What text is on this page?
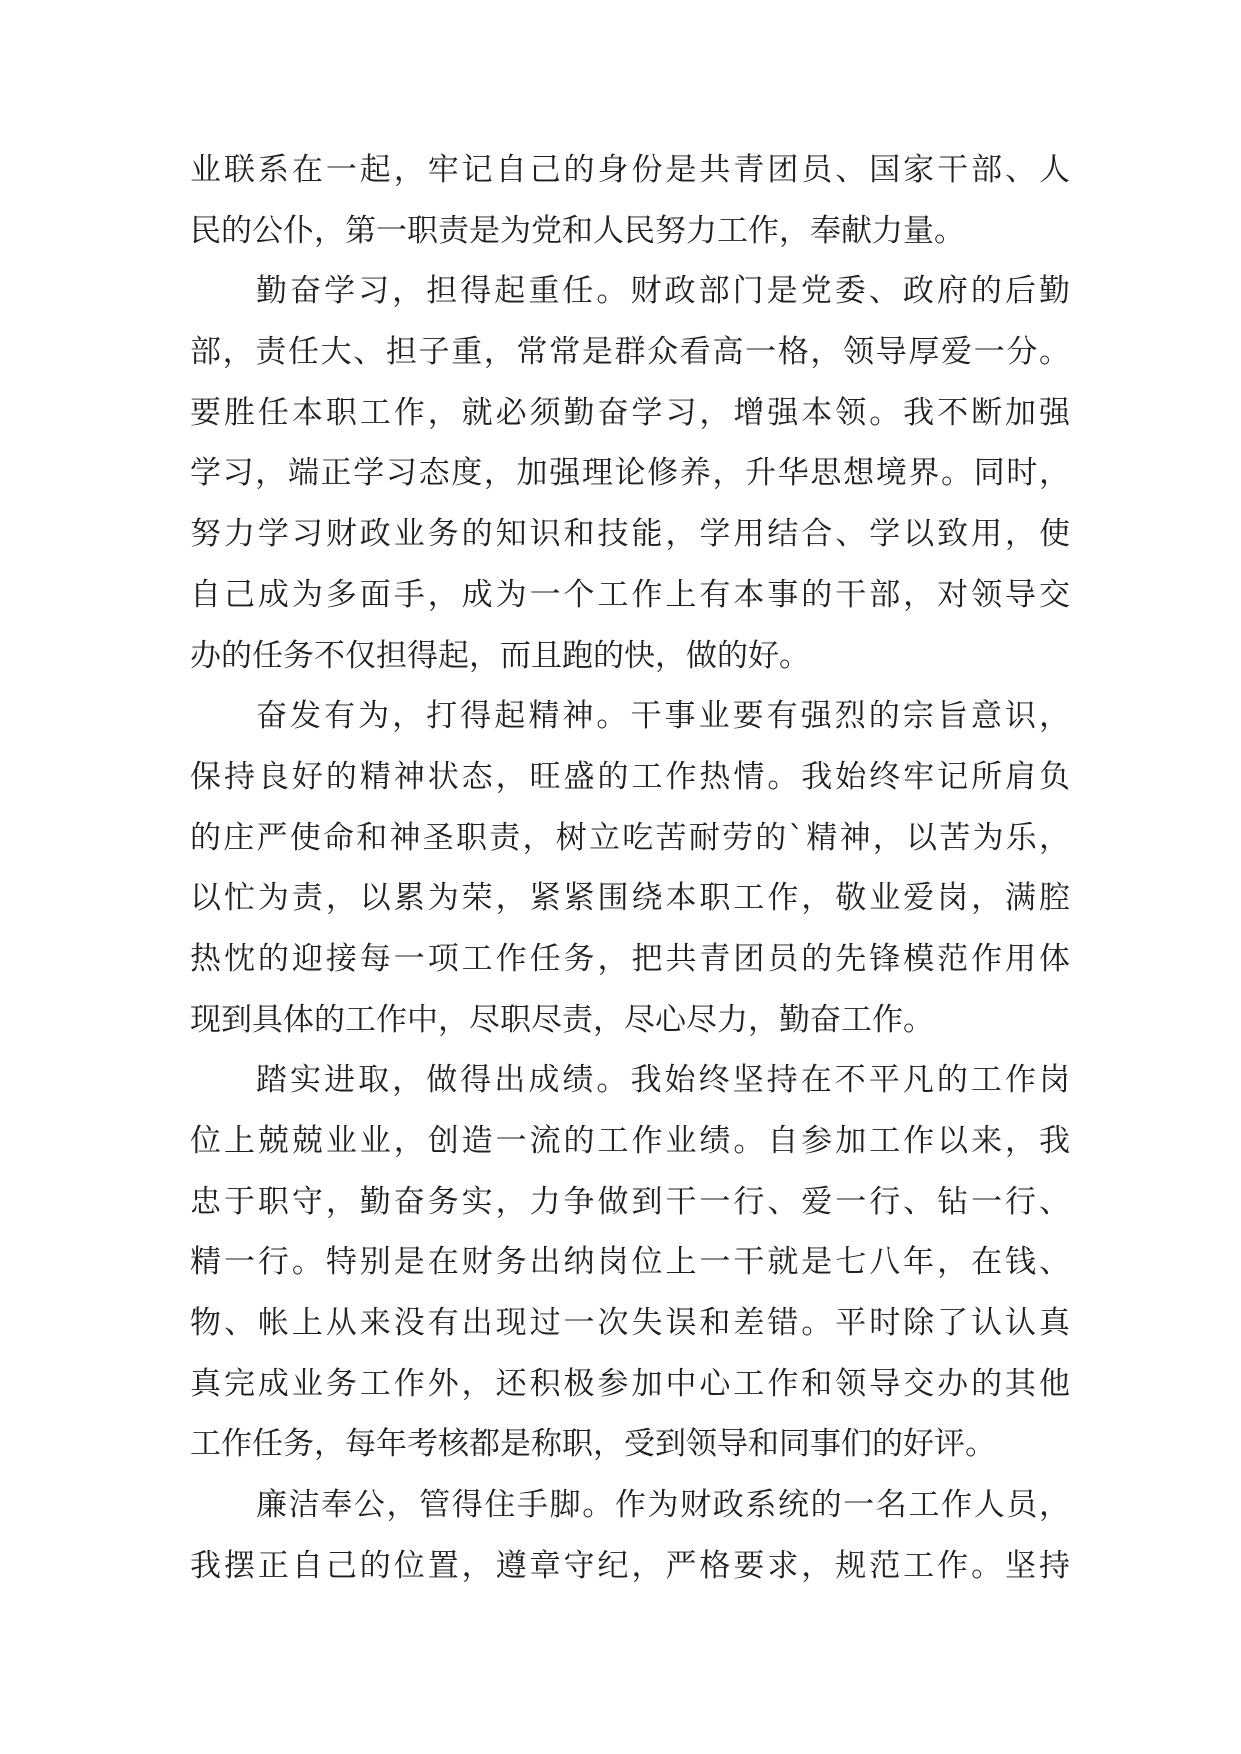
业联系在一起，牢记自己的身份是共青团员、国家干部、人
民的公仆，第一职责是为党和人民努力工作，奉献力量。
勤奋学习，担得起重任。财政部门是党委、政府的后勤
部，责任大、担子重，常常是群众看高一格，领导厚爱一分。
要胜任本职工作，就必须勤奋学习，增强本领。我不断加强
学习，端正学习态度，加强理论修养，升华思想境界。同时，
努力学习财政业务的知识和技能，学用结合、学以致用，使
自己成为多面手，成为一个工作上有本事的干部，对领导交
办的任务不仅担得起，而且跑的快，做的好。
奋发有为，打得起精神。干事业要有强烈的宗旨意识，
保持良好的精神状态，旺盛的工作热情。我始终牢记所肩负
的庄严使命和神圣职责，树立吃苦耐劳的`精神，以苦为乐，
以忙为责，以累为荣，紧紧围绕本职工作，敬业爱岗，满腔
热忱的迎接每一项工作任务，把共青团员的先锋模范作用体
现到具体的工作中，尽职尽责，尽心尽力，勤奋工作。
踏实进取，做得出成绩。我始终坚持在不平凡的工作岗
位上兢兢业业，创造一流的工作业绩。自参加工作以来，我
忠于职守，勤奋务实，力争做到干一行、爱一行、钻一行、
精一行。特别是在财务出纳岗位上一干就是七八年，在钱、
物、帐上从来没有出现过一次失误和差错。平时除了认认真
真完成业务工作外，还积极参加中心工作和领导交办的其他
工作任务，每年考核都是称职，受到领导和同事们的好评。
廉洁奉公，管得住手脚。作为财政系统的一名工作人员，
我摆正自己的位置，遵章守纪，严格要求，规范工作。坚持
